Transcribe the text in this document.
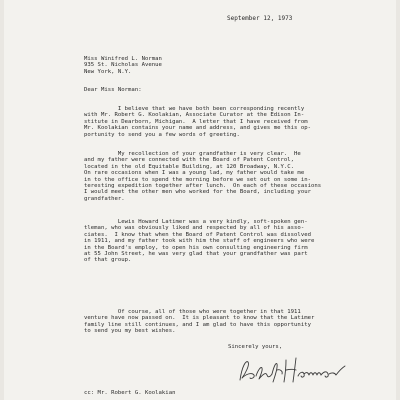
September 12, 1973
Miss Winifred L. Norman
935 St. Nicholas Avenue
New York, N.Y.
Dear Miss Norman:
I believe that we have both been corresponding recently
with Mr. Robert G. Koolakian, Associate Curator at the Edison In-
stitute in Dearborn, Michigan.  A letter that I have received from
Mr. Koolakian contains your name and address, and gives me this op-
portunity to send you a few words of greeting.
My recollection of your grandfather is very clear.  He
and my father were connected with the Board of Patent Control,
located in the old Equitable Building, at 120 Broadway, N.Y.C.
On rare occasions when I was a young lad, my father would take me
in to the office to spend the morning before we set out on some in-
teresting expedition together after lunch.  On each of these occasions
I would meet the other men who worked for the Board, including your
grandfather.
Lewis Howard Latimer was a very kindly, soft-spoken gen-
tleman, who was obviously liked and respected by all of his asso-
ciates.  I know that when the Board of Patent Control was dissolved
in 1911, and my father took with him the staff of engineers who were
in the Board's employ, to open his own consulting engineering firm
at 55 John Street, he was very glad that your grandfather was part
of that group.
Of course, all of those who were together in that 1911
venture have now passed on.  It is pleasant to know that the Latimer
family line still continues, and I am glad to have this opportunity
to send you my best wishes.
Sincerely yours,
cc: Mr. Robert G. Koolakian
